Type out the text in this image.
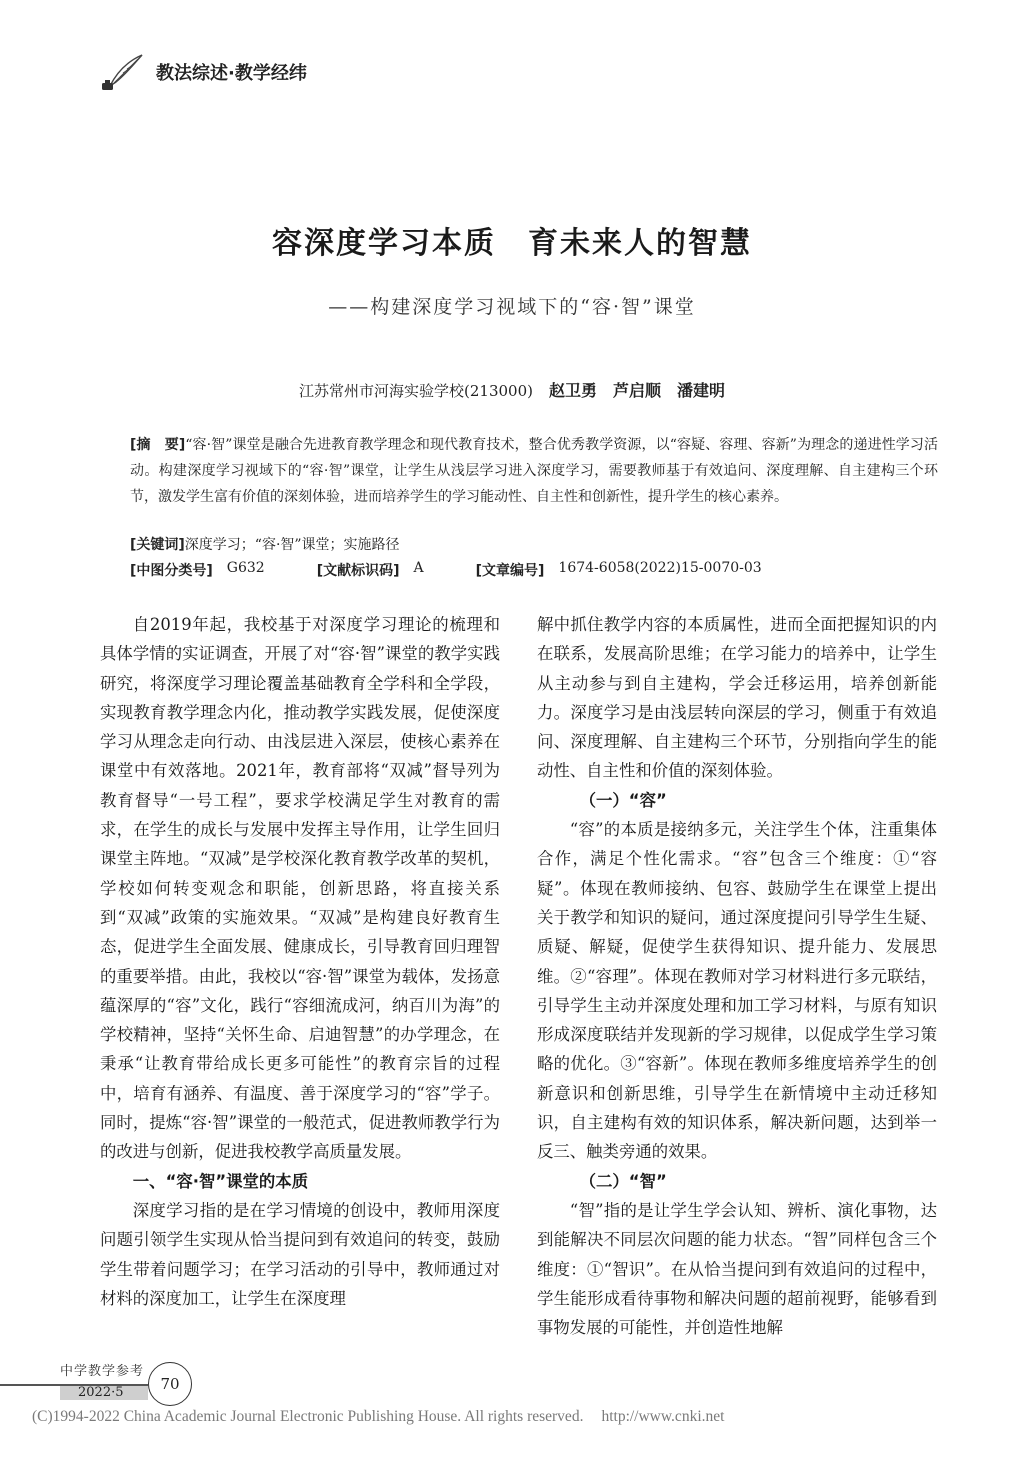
教法综述·教学经纬
容深度学习本质　育未来人的智慧
——构建深度学习视域下的“容·智”课堂
江苏常州市河海实验学校(213000) 赵卫勇　芦启顺　潘建明
[摘　要]“容·智”课堂是融合先进教育教学理念和现代教育技术，整合优秀教学资源，以“容疑、容理、容新”为理念的递进性学习活动。构建深度学习视域下的“容·智”课堂，让学生从浅层学习进入深度学习，需要教师基于有效追问、深度理解、自主建构三个环节，激发学生富有价值的深刻体验，进而培养学生的学习能动性、自主性和创新性，提升学生的核心素养。
[关键词]深度学习；“容·智”课堂；实施路径
[中图分类号] G632	[文献标识码] A	[文章编号] 1674-6058(2022)15-0070-03

自2019年起，我校基于对深度学习理论的梳理和具体学情的实证调查，开展了对“容·智”课堂的教学实践研究，将深度学习理论覆盖基础教育全学科和全学段，实现教育教学理念内化，推动教学实践发展，促使深度学习从理念走向行动、由浅层进入深层，使核心素养在课堂中有效落地。2021年，教育部将“双减”督导列为教育督导“一号工程”，要求学校满足学生对教育的需求，在学生的成长与发展中发挥主导作用，让学生回归课堂主阵地。“双减”是学校深化教育教学改革的契机，学校如何转变观念和职能，创新思路，将直接关系到“双减”政策的实施效果。“双减”是构建良好教育生态，促进学生全面发展、健康成长，引导教育回归理智的重要举措。由此，我校以“容·智”课堂为载体，发扬意蕴深厚的“容”文化，践行“容细流成河，纳百川为海”的学校精神，坚持“关怀生命、启迪智慧”的办学理念，在秉承“让教育带给成长更多可能性”的教育宗旨的过程中，培育有涵养、有温度、善于深度学习的“容”学子。同时，提炼“容·智”课堂的一般范式，促进教师教学行为的改进与创新，促进我校教学高质量发展。

一、“容·智”课堂的本质

深度学习指的是在学习情境的创设中，教师用深度问题引领学生实现从恰当提问到有效追问的转变，鼓励学生带着问题学习；在学习活动的引导中，教师通过对材料的深度加工，让学生在深度理

解中抓住教学内容的本质属性，进而全面把握知识的内在联系，发展高阶思维；在学习能力的培养中，让学生从主动参与到自主建构，学会迁移运用，培养创新能力。深度学习是由浅层转向深层的学习，侧重于有效追问、深度理解、自主建构三个环节，分别指向学生的能动性、自主性和价值的深刻体验。

（一）“容”

“容”的本质是接纳多元，关注学生个体，注重集体合作，满足个性化需求。“容”包含三个维度：①“容疑”。体现在教师接纳、包容、鼓励学生在课堂上提出关于教学和知识的疑问，通过深度提问引导学生生疑、质疑、解疑，促使学生获得知识、提升能力、发展思维。②“容理”。体现在教师对学习材料进行多元联结，引导学生主动并深度处理和加工学习材料，与原有知识形成深度联结并发现新的学习规律，以促成学生学习策略的优化。③“容新”。体现在教师多维度培养学生的创新意识和创新思维，引导学生在新情境中主动迁移知识，自主建构有效的知识体系，解决新问题，达到举一反三、触类旁通的效果。

（二）“智”

“智”指的是让学生学会认知、辨析、演化事物，达到能解决不同层次问题的能力状态。“智”同样包含三个维度：①“智识”。在从恰当提问到有效追问的过程中，学生能形成看待事物和解决问题的超前视野，能够看到事物发展的可能性，并创造性地解

中学教学参考
2022·5	70
(C)1994-2022 China Academic Journal Electronic Publishing House. All rights reserved. http://www.cnki.net
